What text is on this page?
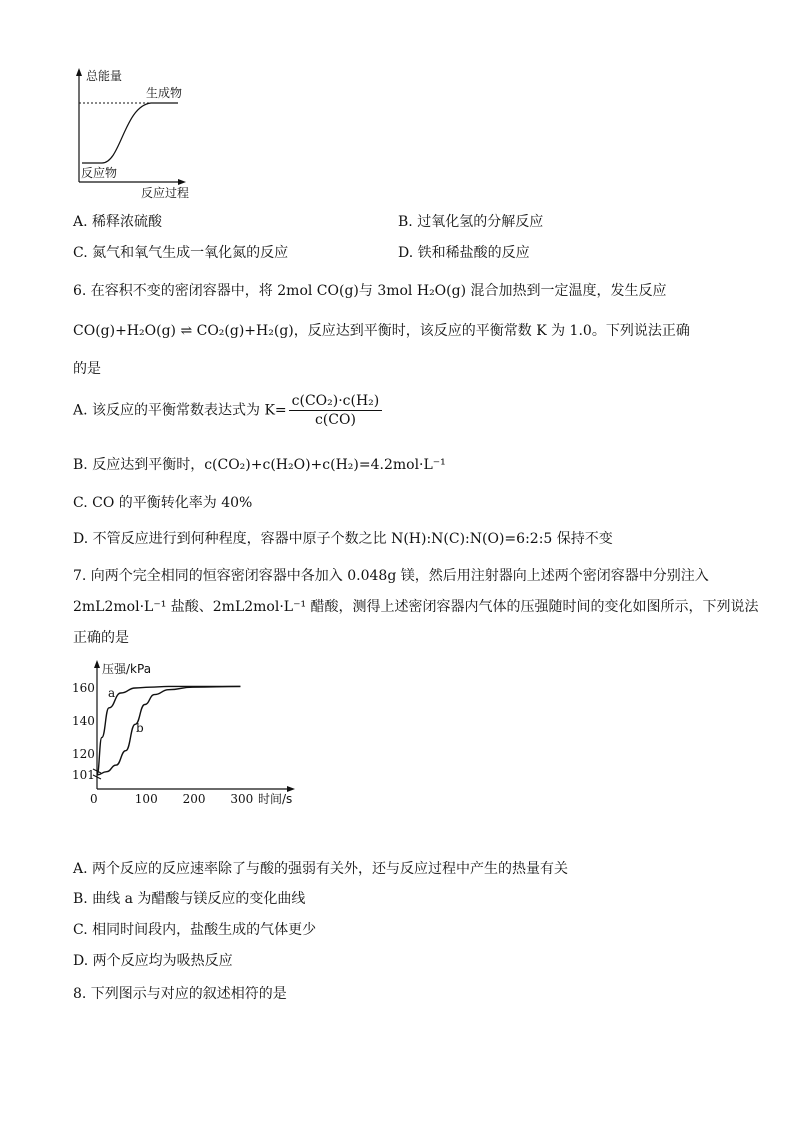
总能量
生成物
反应物
反应过程
A. 稀释浓硫酸	B. 过氧化氢的分解反应
C. 氮气和氧气生成一氧化氮的反应	D. 铁和稀盐酸的反应
6. 在容积不变的密闭容器中，将 2mol CO(g)与 3mol H₂O(g) 混合加热到一定温度，发生反应
CO(g)+H₂O(g) ⇌ CO₂(g)+H₂(g)，反应达到平衡时，该反应的平衡常数 K 为 1.0。下列说法正确
的是
A. 该反应的平衡常数表达式为 $K= \frac{\text{c(CO₂)·c(H₂)}}{c(CO)}$
B. 反应达到平衡时，c(CO₂)+c(H₂O)+c(H₂)=4.2mol·L⁻¹
C. CO 的平衡转化率为 40%
D. 不管反应进行到何种程度，容器中原子个数之比 N(H):N(C):N(O)=6:2:5 保持不变
7. 向两个完全相同的恒容密闭容器中各加入 0.048g 镁，然后用注射器向上述两个密闭容器中分别注入
2mL2mol·L⁻¹ 盐酸、2mL2mol·L⁻¹ 醋酸，测得上述密闭容器内气体的压强随时间的变化如图所示，下列说法
正确的是
压强/kPa
时间/s
0	100 200 300
101
120
140
160 a
b
A. 两个反应的反应速率除了与酸的强弱有关外，还与反应过程中产生的热量有关
B. 曲线 a 为醋酸与镁反应的变化曲线
C. 相同时间段内，盐酸生成的气体更少
D. 两个反应均为吸热反应
8. 下列图示与对应的叙述相符的是
